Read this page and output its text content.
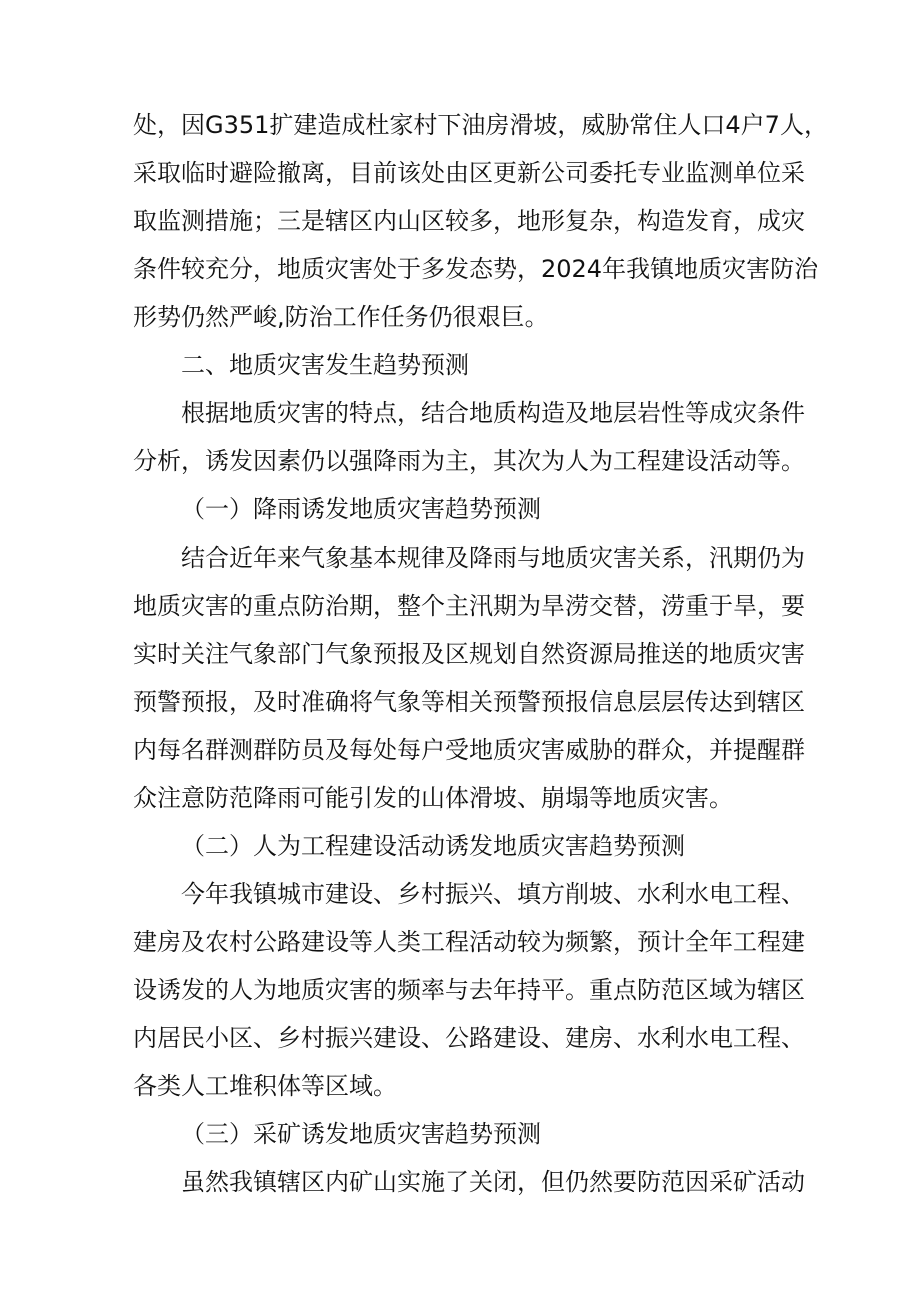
处，因G351扩建造成杜家村下油房滑坡，威胁常住人口4户7人，
采取临时避险撤离，目前该处由区更新公司委托专业监测单位采
取监测措施；三是辖区内山区较多，地形复杂，构造发育，成灾
条件较充分，地质灾害处于多发态势，2024年我镇地质灾害防治
形势仍然严峻,防治工作任务仍很艰巨。
二、地质灾害发生趋势预测
根据地质灾害的特点，结合地质构造及地层岩性等成灾条件
分析，诱发因素仍以强降雨为主，其次为人为工程建设活动等。
（一）降雨诱发地质灾害趋势预测
结合近年来气象基本规律及降雨与地质灾害关系，汛期仍为
地质灾害的重点防治期，整个主汛期为旱涝交替，涝重于旱，要
实时关注气象部门气象预报及区规划自然资源局推送的地质灾害
预警预报，及时准确将气象等相关预警预报信息层层传达到辖区
内每名群测群防员及每处每户受地质灾害威胁的群众，并提醒群
众注意防范降雨可能引发的山体滑坡、崩塌等地质灾害。
（二）人为工程建设活动诱发地质灾害趋势预测
今年我镇城市建设、乡村振兴、填方削坡、水利水电工程、
建房及农村公路建设等人类工程活动较为频繁，预计全年工程建
设诱发的人为地质灾害的频率与去年持平。重点防范区域为辖区
内居民小区、乡村振兴建设、公路建设、建房、水利水电工程、
各类人工堆积体等区域。
（三）采矿诱发地质灾害趋势预测
虽然我镇辖区内矿山实施了关闭，但仍然要防范因采矿活动
